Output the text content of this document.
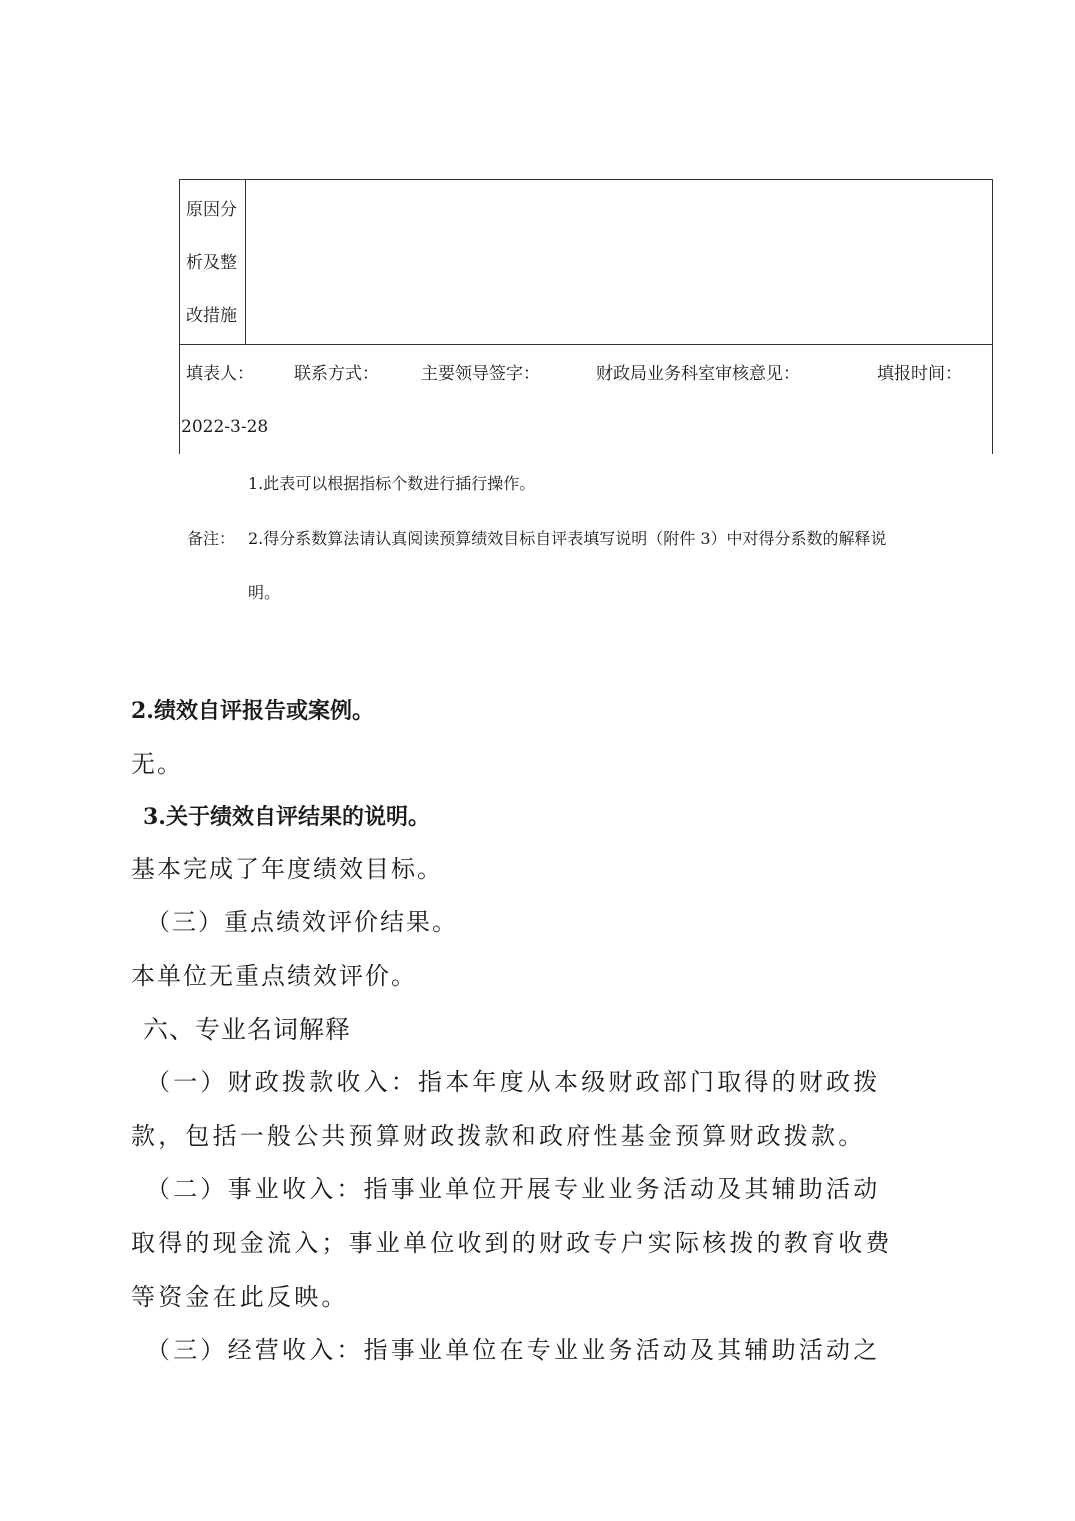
原因分
析及整
改措施
填表人： 联系方式： 主要领导签字：	财政局业务科室审核意见：	填报时间：
2022-3-28
1.此表可以根据指标个数进行插行操作。
备注： 2.得分系数算法请认真阅读预算绩效目标自评表填写说明（附件 3）中对得分系数的解释说
明。
2.绩效自评报告或案例。
无。
3.关于绩效自评结果的说明。
基本完成了年度绩效目标。
（三）重点绩效评价结果。
本单位无重点绩效评价。
六、专业名词解释
（一）财政拨款收入：指本年度从本级财政部门取得的财政拨
款，包括一般公共预算财政拨款和政府性基金预算财政拨款。
（二）事业收入：指事业单位开展专业业务活动及其辅助活动
取得的现金流入；事业单位收到的财政专户实际核拨的教育收费
等资金在此反映。
（三）经营收入：指事业单位在专业业务活动及其辅助活动之
